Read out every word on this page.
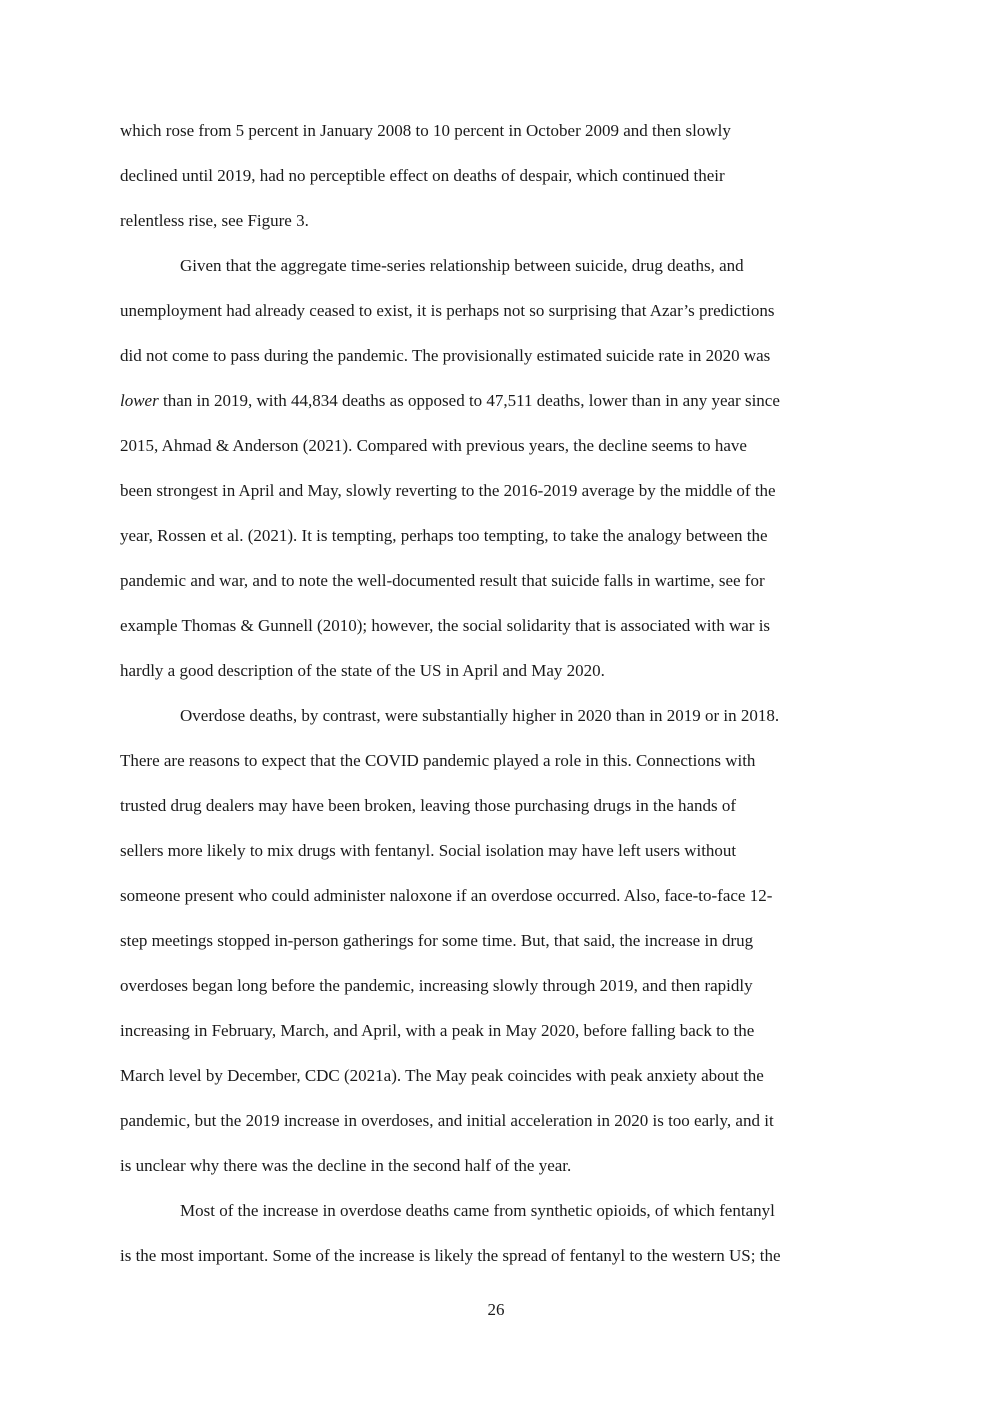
which rose from 5 percent in January 2008 to 10 percent in October 2009 and then slowly

declined until 2019, had no perceptible effect on deaths of despair, which continued their

relentless rise, see Figure 3.

Given that the aggregate time-series relationship between suicide, drug deaths, and

unemployment had already ceased to exist, it is perhaps not so surprising that Azar’s predictions

did not come to pass during the pandemic. The provisionally estimated suicide rate in 2020 was

lower than in 2019, with 44,834 deaths as opposed to 47,511 deaths, lower than in any year since

2015, Ahmad & Anderson (2021). Compared with previous years, the decline seems to have

been strongest in April and May, slowly reverting to the 2016-2019 average by the middle of the

year, Rossen et al. (2021). It is tempting, perhaps too tempting, to take the analogy between the

pandemic and war, and to note the well-documented result that suicide falls in wartime, see for

example Thomas & Gunnell (2010); however, the social solidarity that is associated with war is

hardly a good description of the state of the US in April and May 2020.

Overdose deaths, by contrast, were substantially higher in 2020 than in 2019 or in 2018.

There are reasons to expect that the COVID pandemic played a role in this. Connections with

trusted drug dealers may have been broken, leaving those purchasing drugs in the hands of

sellers more likely to mix drugs with fentanyl. Social isolation may have left users without

someone present who could administer naloxone if an overdose occurred. Also, face-to-face 12-

step meetings stopped in-person gatherings for some time. But, that said, the increase in drug

overdoses began long before the pandemic, increasing slowly through 2019, and then rapidly

increasing in February, March, and April, with a peak in May 2020, before falling back to the

March level by December, CDC (2021a). The May peak coincides with peak anxiety about the

pandemic, but the 2019 increase in overdoses, and initial acceleration in 2020 is too early, and it

is unclear why there was the decline in the second half of the year.

Most of the increase in overdose deaths came from synthetic opioids, of which fentanyl

is the most important. Some of the increase is likely the spread of fentanyl to the western US; the

26
